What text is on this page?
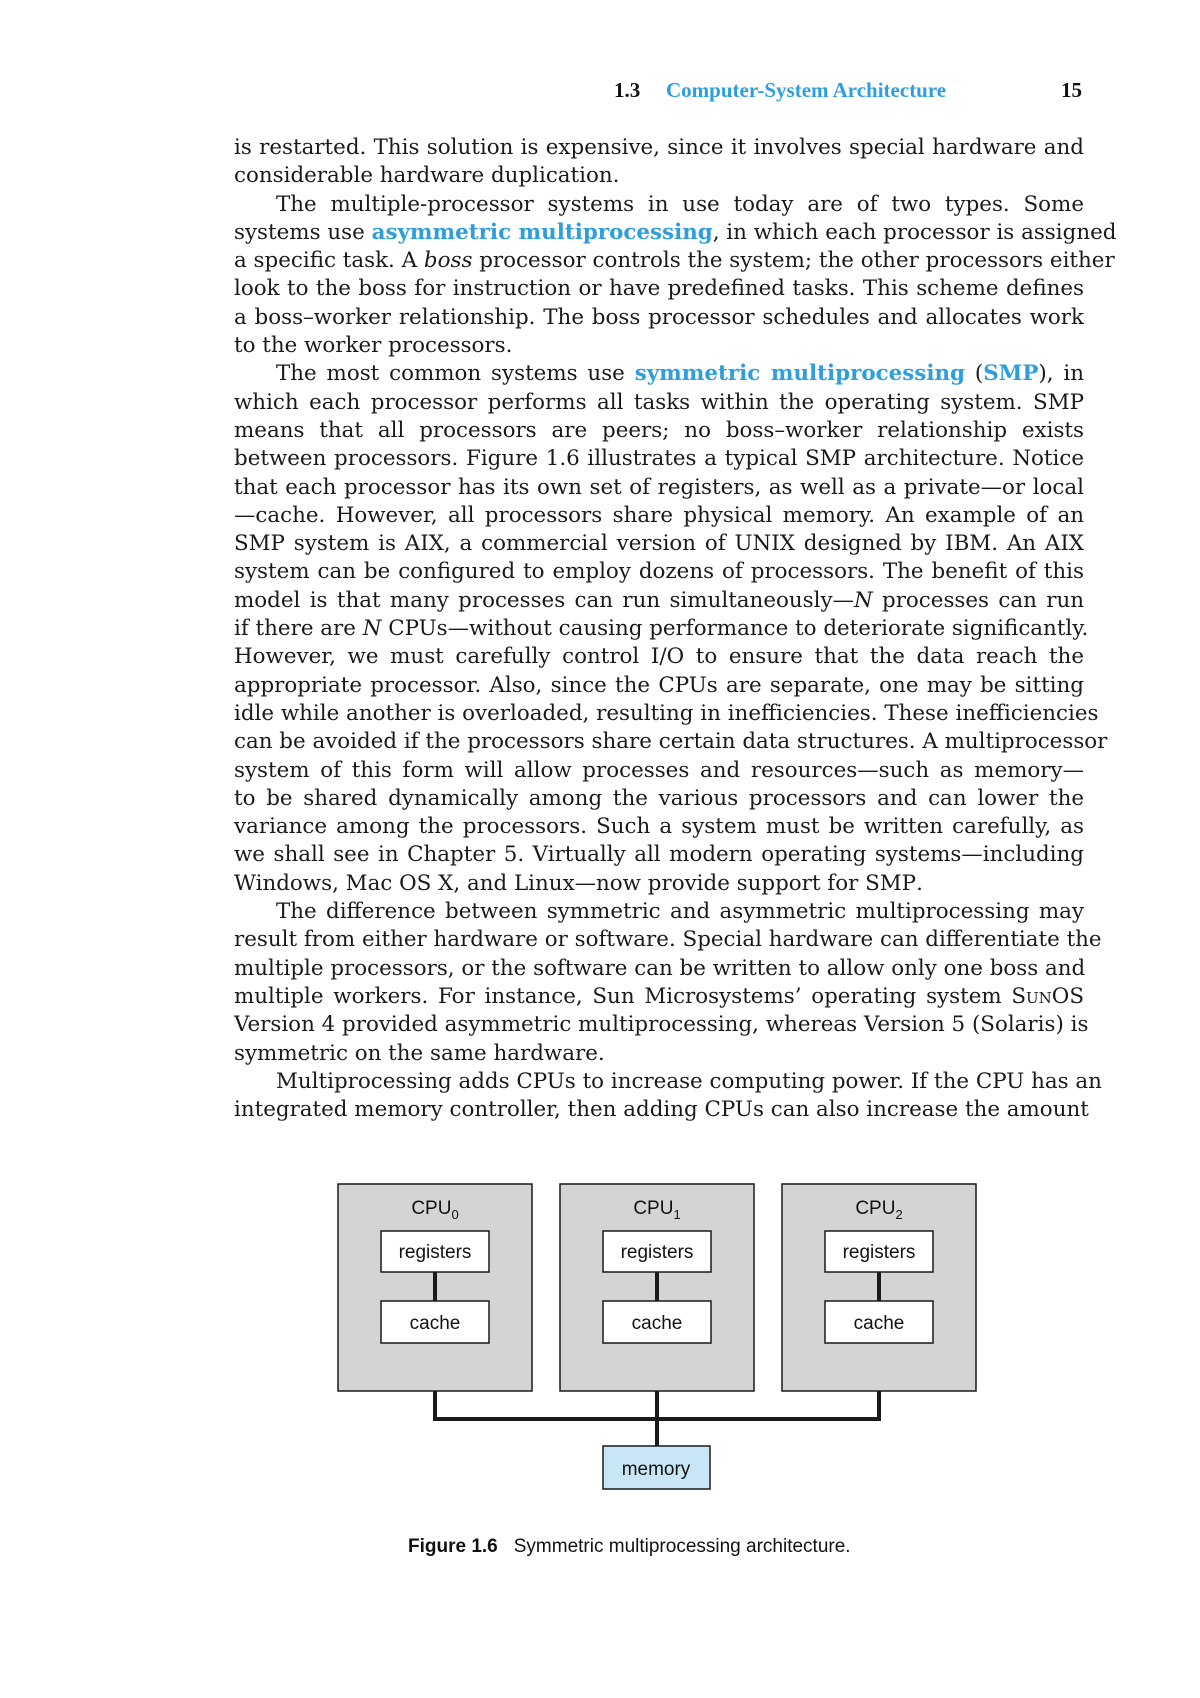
1.3 Computer-System Architecture	15
is restarted. This solution is expensive, since it involves special hardware and
considerable hardware duplication.
The multiple-processor systems in use today are of two types. Some
systems use asymmetric multiprocessing, in which each processor is assigned
a specific task. A boss processor controls the system; the other processors either
look to the boss for instruction or have predefined tasks. This scheme defines
a boss–worker relationship. The boss processor schedules and allocates work
to the worker processors.
The most common systems use symmetric multiprocessing (SMP), in
which each processor performs all tasks within the operating system. SMP
means that all processors are peers; no boss–worker relationship exists
between processors. Figure 1.6 illustrates a typical SMP architecture. Notice
that each processor has its own set of registers, as well as a private—or local
—cache. However, all processors share physical memory. An example of an
SMP system is AIX, a commercial version of UNIX designed by IBM. An AIX
system can be configured to employ dozens of processors. The benefit of this
model is that many processes can run simultaneously—N processes can run
if there are N CPUs—without causing performance to deteriorate significantly.
However, we must carefully control I/O to ensure that the data reach the
appropriate processor. Also, since the CPUs are separate, one may be sitting
idle while another is overloaded, resulting in inefficiencies. These inefficiencies
can be avoided if the processors share certain data structures. A multiprocessor
system of this form will allow processes and resources—such as memory—
to be shared dynamically among the various processors and can lower the
variance among the processors. Such a system must be written carefully, as
we shall see in Chapter 5. Virtually all modern operating systems—including
Windows, Mac OS X, and Linux—now provide support for SMP.
The difference between symmetric and asymmetric multiprocessing may
result from either hardware or software. Special hardware can differentiate the
multiple processors, or the software can be written to allow only one boss and
multiple workers. For instance, Sun Microsystems’ operating system SunOS
Version 4 provided asymmetric multiprocessing, whereas Version 5 (Solaris) is
symmetric on the same hardware.
Multiprocessing adds CPUs to increase computing power. If the CPU has an
integrated memory controller, then adding CPUs can also increase the amount
$CPU_0$
registers
cache
$CPU_1$
registers
cache
$CPU_2$
registers
cache
memory
Figure 1.6 Symmetric multiprocessing architecture.
